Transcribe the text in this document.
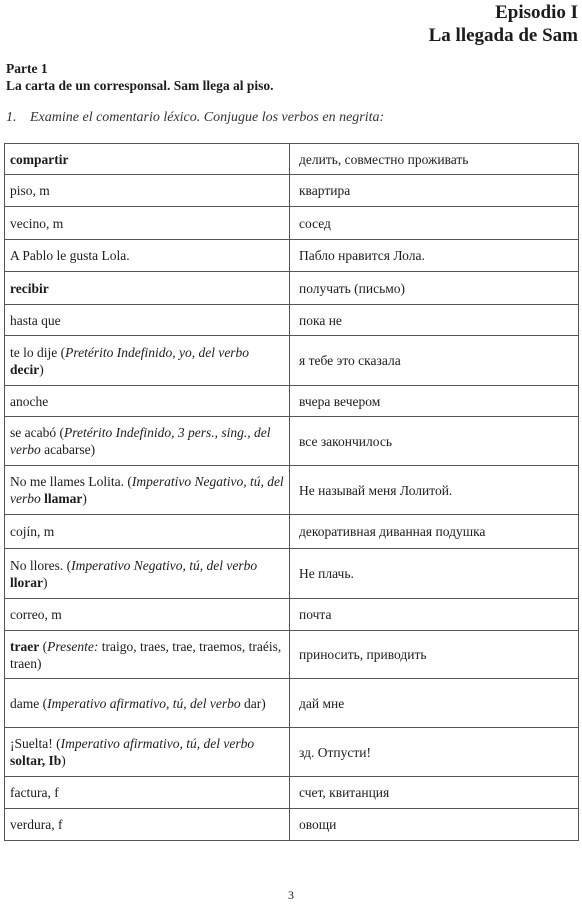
Episodio I
La llegada de Sam
Parte 1
La carta de un corresponsal. Sam llega al piso.
1. Examine el comentario léxico. Conjugue los verbos en negrita:
compartir	делить, совместно проживать
piso, m	квартира
vecino, m	сосед
A Pablo le gusta Lola.	Пабло нравится Лола.
recibir	получать (письмо)
hasta que	пока не
te lo dije (Pretérito Indefinido, yo, del verbo decir)	я тебе это сказала
anoche	вчера вечером
se acabó (Pretérito Indefinido, 3 pers., sing., del verbo acabarse)	все закончилось
No me llames Lolita. (Imperativo Negativo, tú, del verbo llamar)	Не называй меня Лолитой.
cojín, m	декоративная диванная подушка
No llores. (Imperativo Negativo, tú, del verbo llorar)	Не плачь.
correo, m	почта
traer (Presente: traigo, traes, trae, traemos, traéis, traen)	приносить, приводить
dame (Imperativo afirmativo, tú, del verbo dar)	дай мне
¡Suelta! (Imperativo afirmativo, tú, del verbo soltar, Ib)	зд. Отпусти!
factura, f	счет, квитанция
verdura, f	овощи
3
